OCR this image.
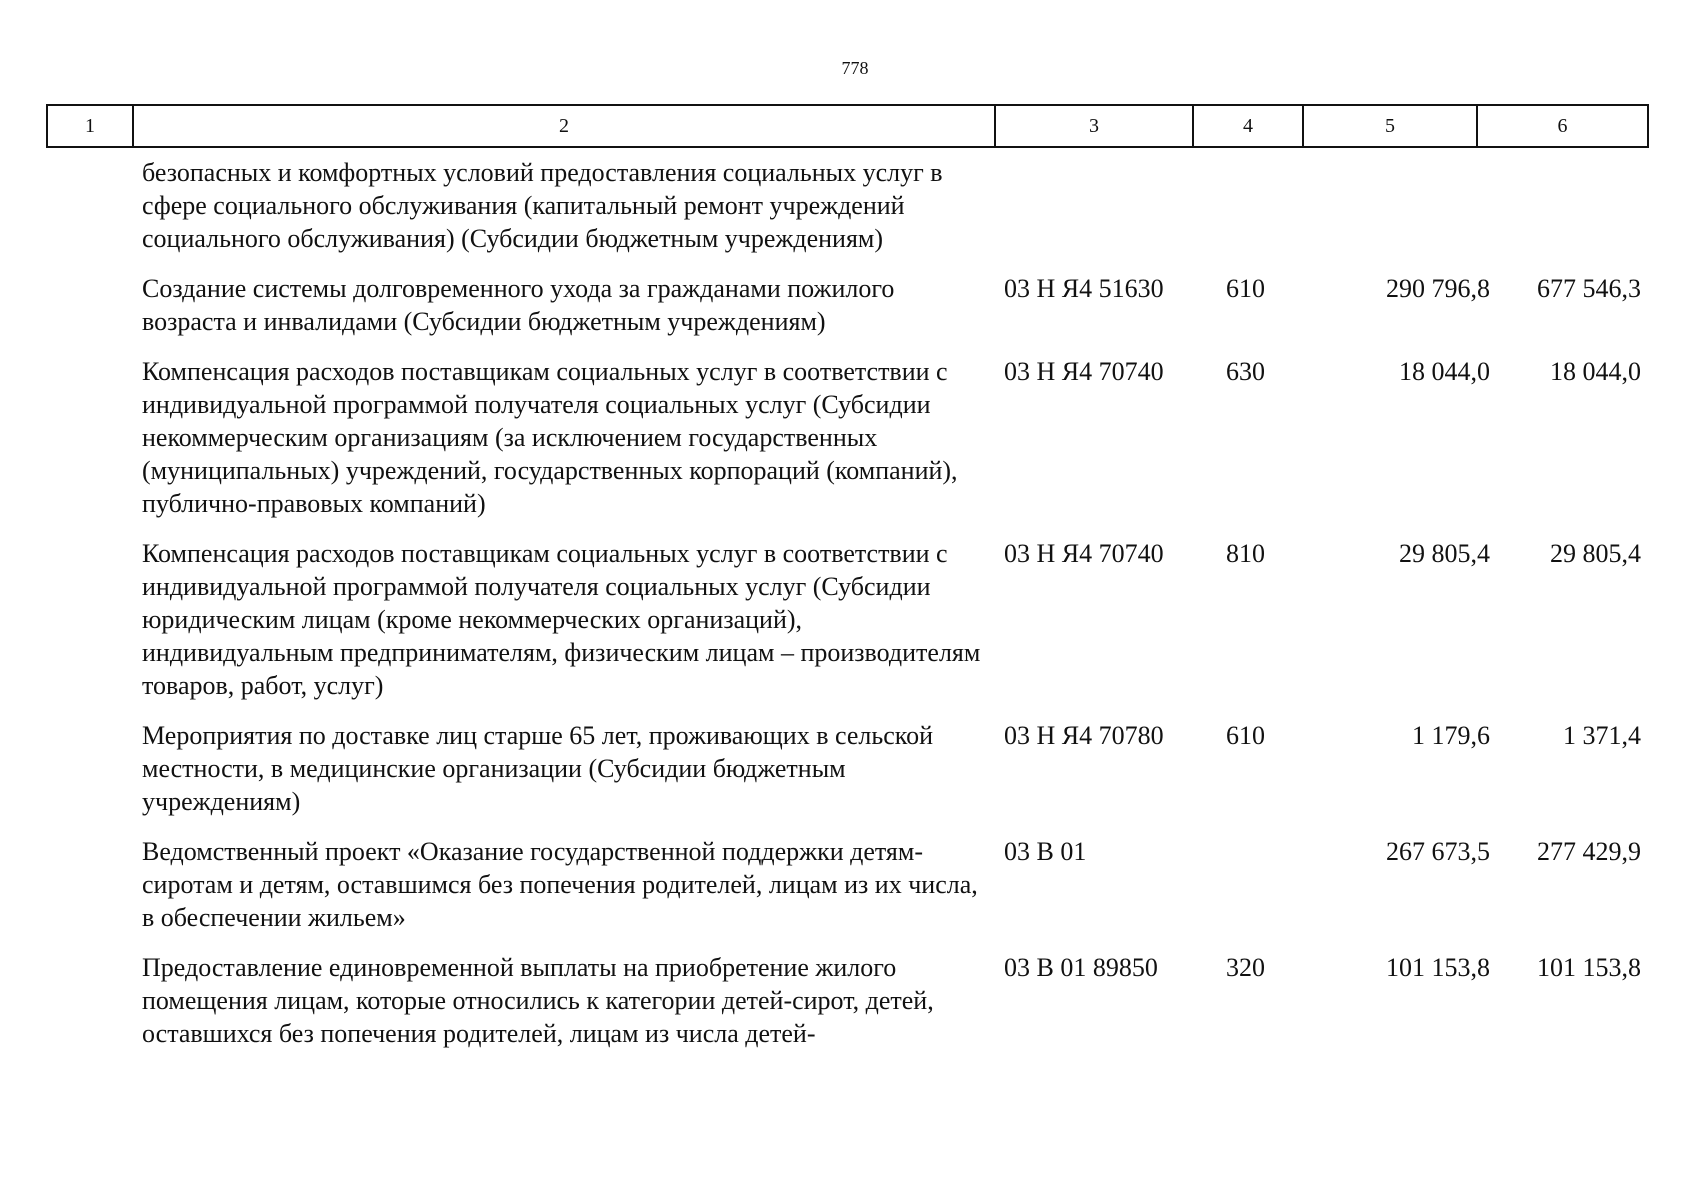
778
1	2	3	4	5	6
	безопасных и комфортных условий предоставления социальных услуг в сфере социального обслуживания (капитальный ремонт учреждений социального обслуживания) (Субсидии бюджетным учреждениям)				
	Создание системы долговременного ухода за гражданами пожилого возраста и инвалидами (Субсидии бюджетным учреждениям)	03 Н Я4 51630	610	290 796,8	677 546,3
	Компенсация расходов поставщикам социальных услуг в соответствии с индивидуальной программой получателя социальных услуг (Субсидии некоммерческим организациям (за исключением государственных (муниципальных) учреждений, государственных корпораций (компаний), публично-правовых компаний)	03 Н Я4 70740	630	18 044,0	18 044,0
	Компенсация расходов поставщикам социальных услуг в соответствии с индивидуальной программой получателя социальных услуг (Субсидии юридическим лицам (кроме некоммерческих организаций), индивидуальным предпринимателям, физическим лицам – производителям товаров, работ, услуг)	03 Н Я4 70740	810	29 805,4	29 805,4
	Мероприятия по доставке лиц старше 65 лет, проживающих в сельской местности, в медицинские организации (Субсидии бюджетным учреждениям)	03 Н Я4 70780	610	1 179,6	1 371,4
	Ведомственный проект «Оказание государственной поддержки детям-сиротам и детям, оставшимся без попечения родителей, лицам из их числа, в обеспечении жильем»	03 В 01		267 673,5	277 429,9
	Предоставление единовременной выплаты на приобретение жилого помещения лицам, которые относились к категории детей-сирот, детей, оставшихся без попечения родителей, лицам из числа детей-	03 В 01 89850	320	101 153,8	101 153,8
